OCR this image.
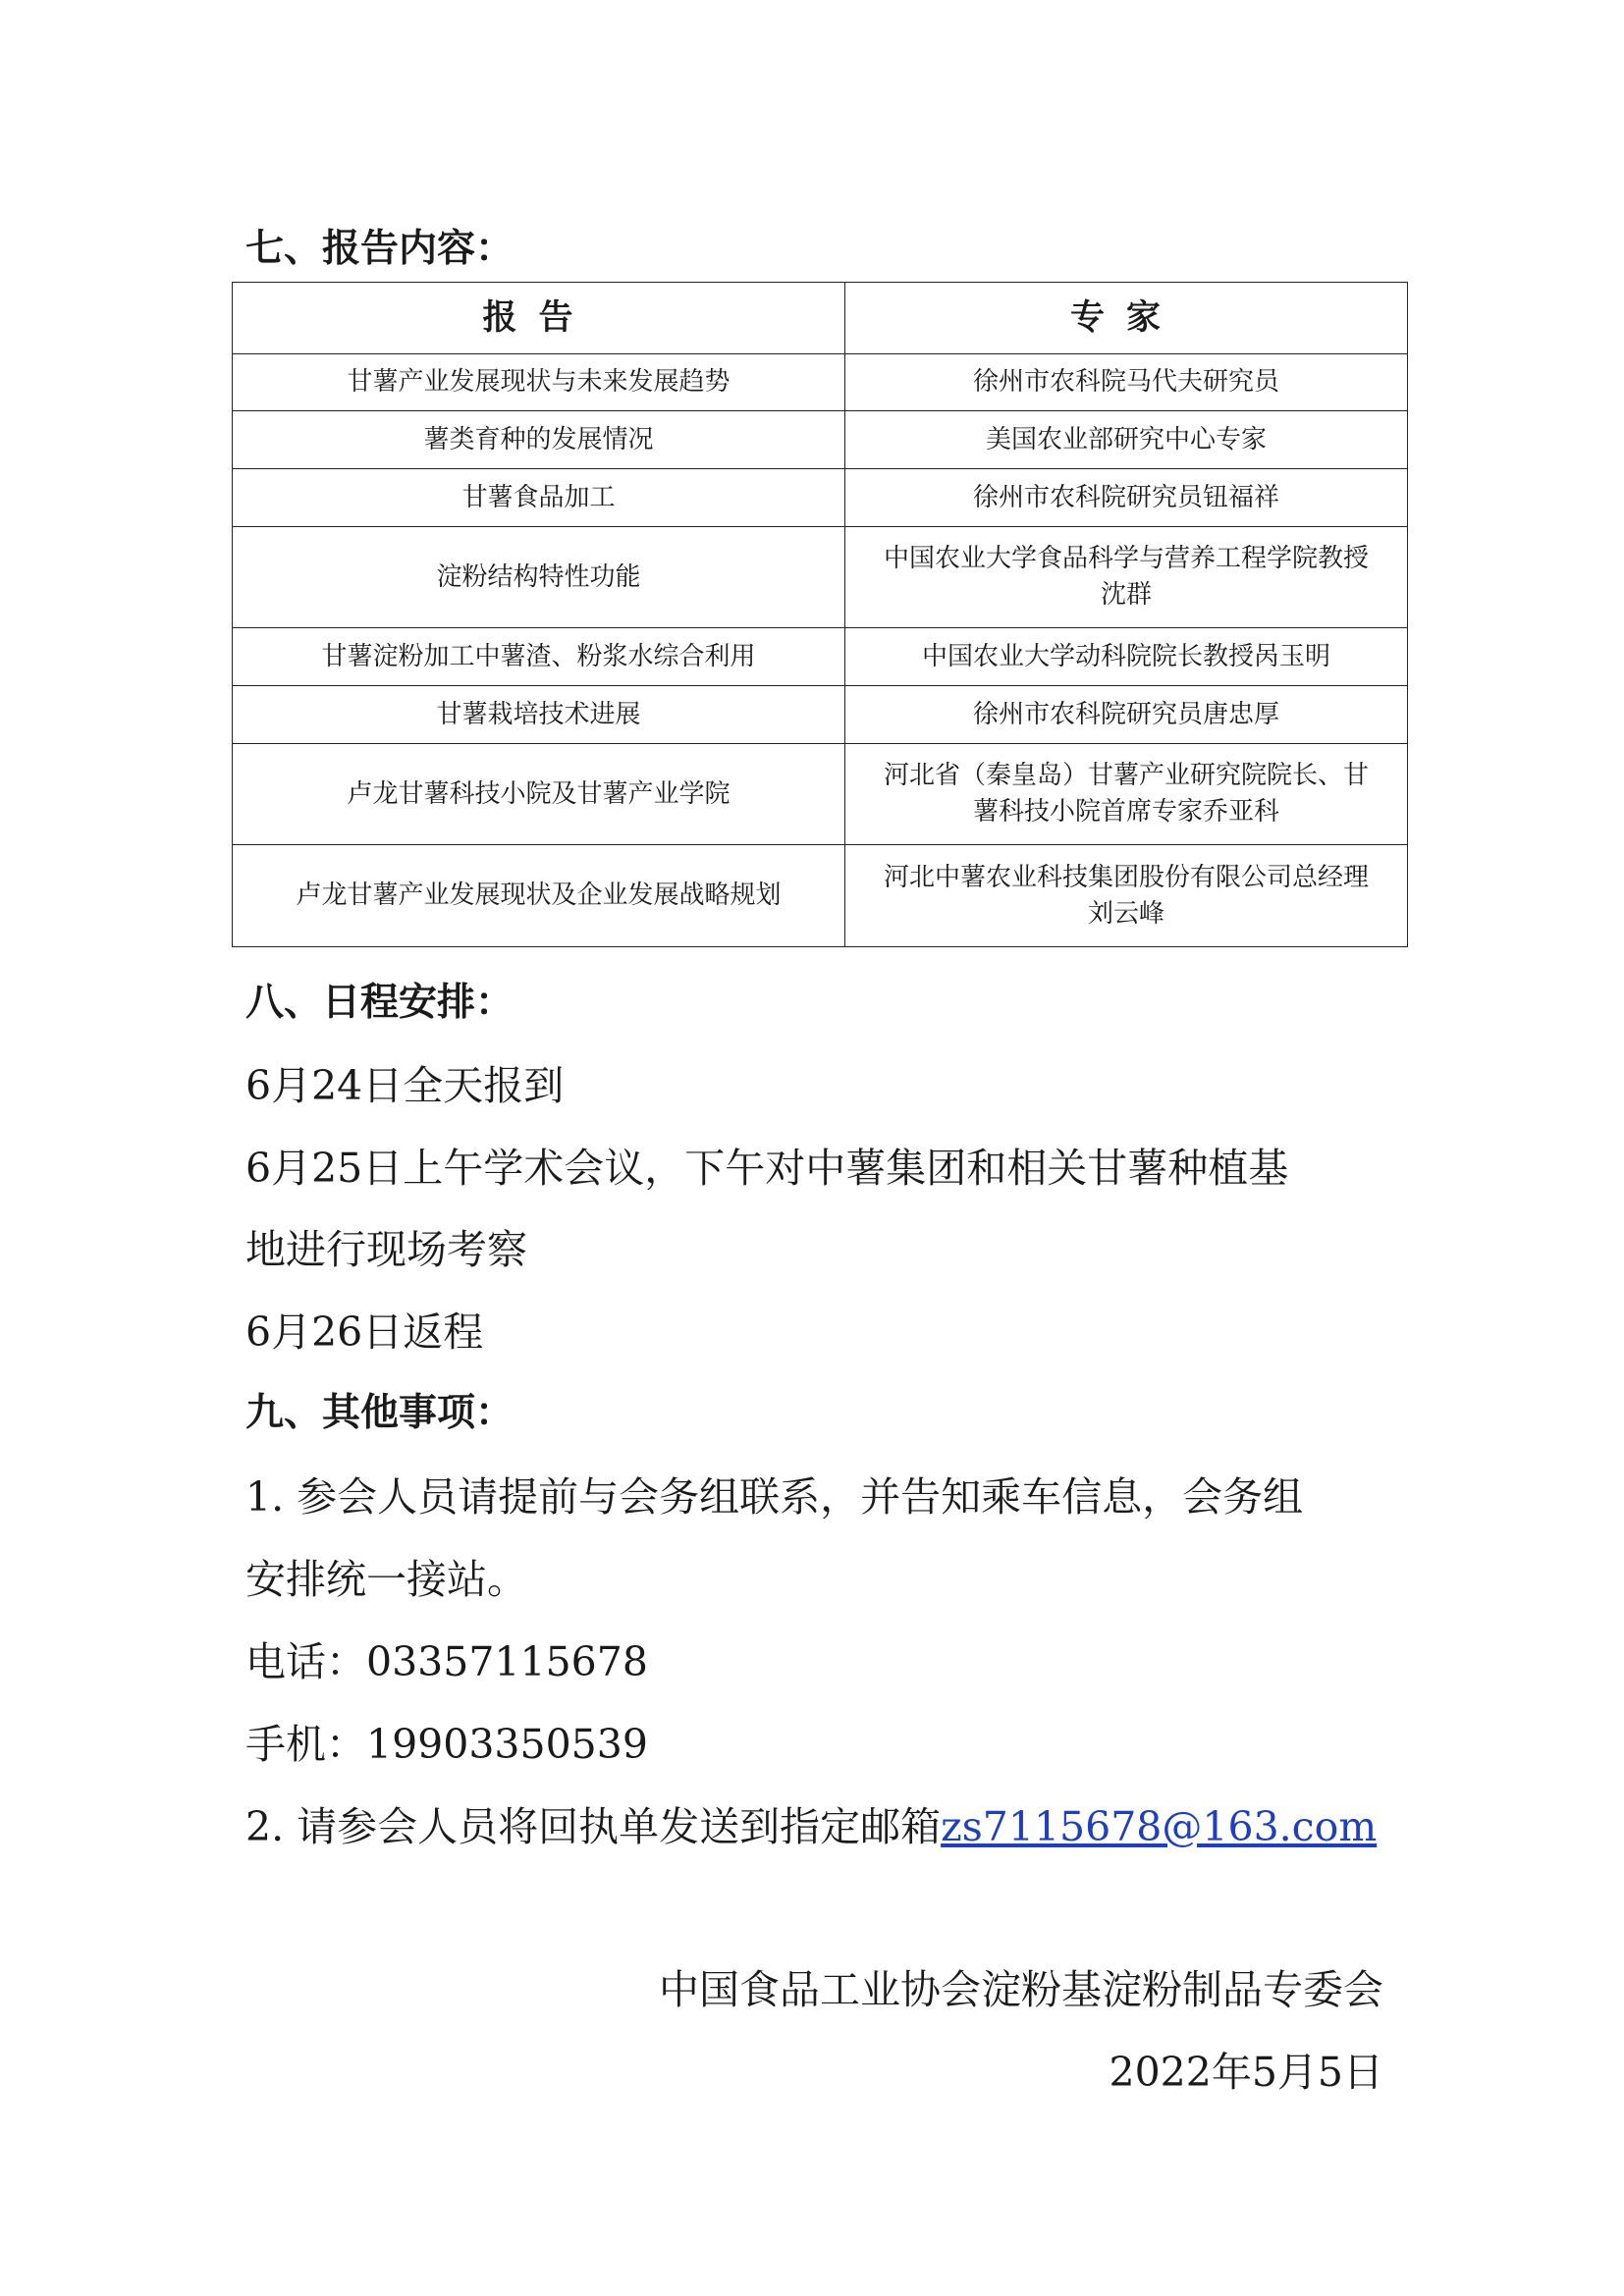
七、报告内容：
报告	专家
甘薯产业发展现状与未来发展趋势	徐州市农科院马代夫研究员

薯类育种的发展情况	美国农业部研究中心专家

甘薯食品加工	徐州市农科院研究员钮福祥

淀粉结构特性功能	中国农业大学食品科学与营养工程学院教授
沈群

甘薯淀粉加工中薯渣、粉浆水综合利用	中国农业大学动科院院长教授呙玉明

甘薯栽培技术进展	徐州市农科院研究员唐忠厚

卢龙甘薯科技小院及甘薯产业学院	河北省（秦皇岛）甘薯产业研究院院长、甘
薯科技小院首席专家乔亚科

卢龙甘薯产业发展现状及企业发展战略规划	河北中薯农业科技集团股份有限公司总经理
刘云峰
八、日程安排：
6月24日全天报到
6月25日上午学术会议，下午对中薯集团和相关甘薯种植基
地进行现场考察
6月26日返程
九、其他事项：
1. 参会人员请提前与会务组联系，并告知乘车信息，会务组
安排统一接站。
电话：03357115678
手机：19903350539
2. 请参会人员将回执单发送到指定邮箱zs7115678@163.com
中国食品工业协会淀粉基淀粉制品专委会
2022年5月5日
